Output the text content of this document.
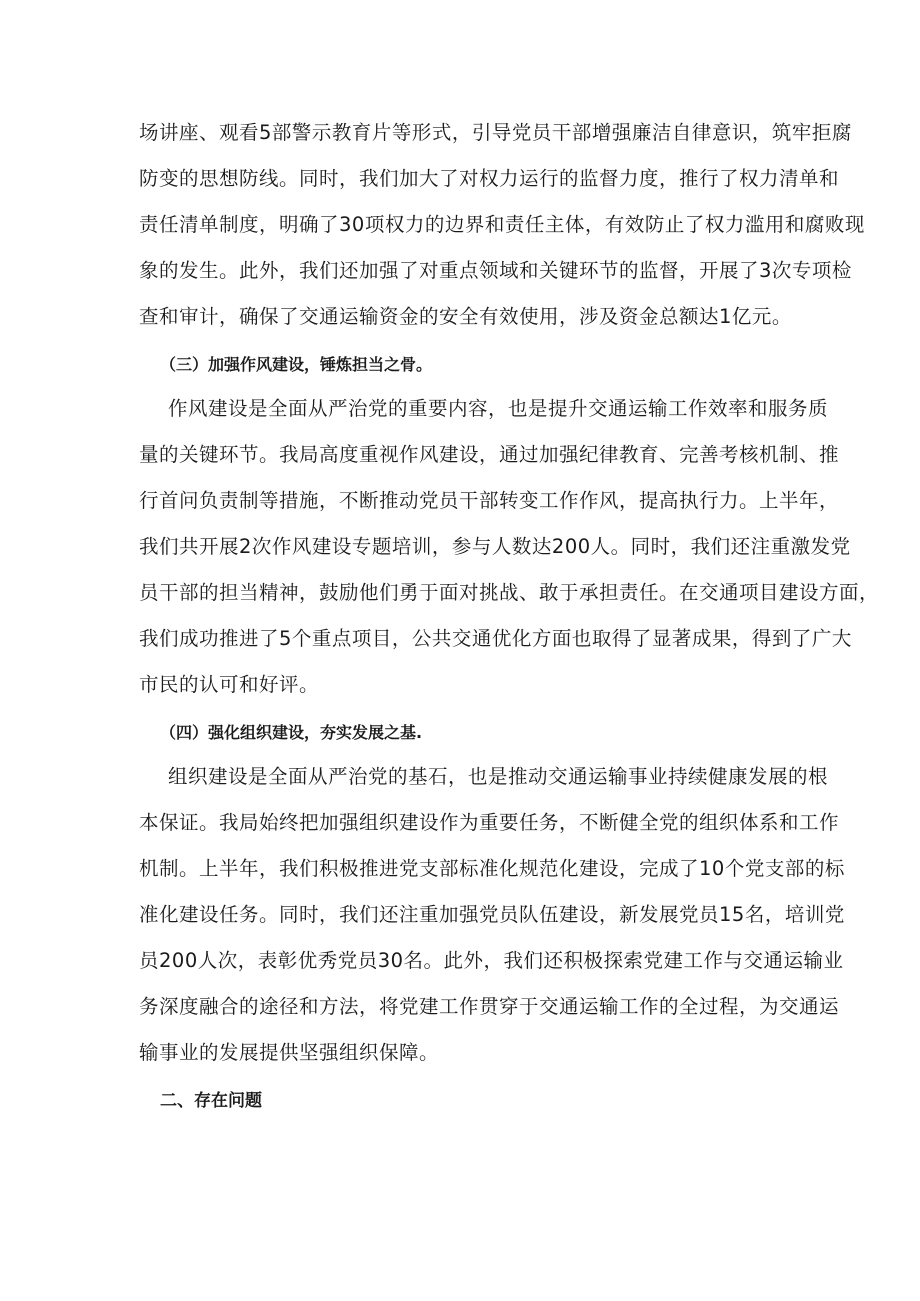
场讲座、观看5部警示教育片等形式，引导党员干部增强廉洁自律意识，筑牢拒腐
防变的思想防线。同时，我们加大了对权力运行的监督力度，推行了权力清单和
责任清单制度，明确了30项权力的边界和责任主体，有效防止了权力滥用和腐败现
象的发生。此外，我们还加强了对重点领域和关键环节的监督，开展了3次专项检
查和审计，确保了交通运输资金的安全有效使用，涉及资金总额达1亿元。
（三）加强作风建设，锤炼担当之骨。
作风建设是全面从严治党的重要内容，也是提升交通运输工作效率和服务质
量的关键环节。我局高度重视作风建设，通过加强纪律教育、完善考核机制、推
行首问负责制等措施，不断推动党员干部转变工作作风，提高执行力。上半年，
我们共开展2次作风建设专题培训，参与人数达200人。同时，我们还注重激发党
员干部的担当精神，鼓励他们勇于面对挑战、敢于承担责任。在交通项目建设方面，
我们成功推进了5个重点项目，公共交通优化方面也取得了显著成果，得到了广大
市民的认可和好评。
（四）强化组织建设，夯实发展之基.
组织建设是全面从严治党的基石，也是推动交通运输事业持续健康发展的根
本保证。我局始终把加强组织建设作为重要任务，不断健全党的组织体系和工作
机制。上半年，我们积极推进党支部标准化规范化建设，完成了10个党支部的标
准化建设任务。同时，我们还注重加强党员队伍建设，新发展党员15名，培训党
员200人次，表彰优秀党员30名。此外，我们还积极探索党建工作与交通运输业
务深度融合的途径和方法，将党建工作贯穿于交通运输工作的全过程，为交通运
输事业的发展提供坚强组织保障。
二、存在问题
